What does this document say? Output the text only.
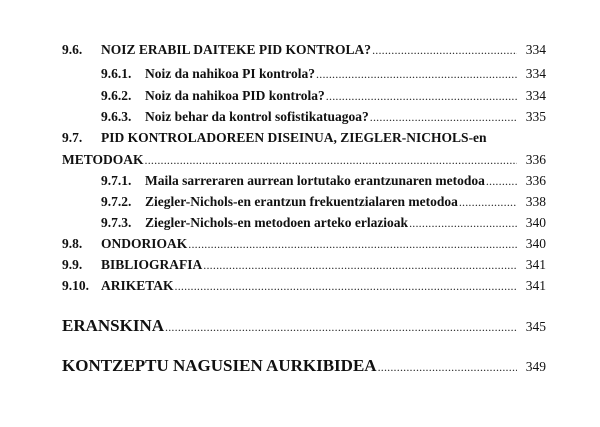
9.6.	NOIZ ERABIL DAITEKE PID KONTROLA? .....	334
9.6.1.	Noiz da nahikoa PI kontrola? .....	334
9.6.2.	Noiz da nahikoa PID kontrola? .....	334
9.6.3.	Noiz behar da kontrol sofistikatuagoa? .....	335
9.7.	PID KONTROLADOREEN DISEINUA, ZIEGLER-NICHOLS-en
METODOAK .....	336
9.7.1.	Maila sarreraren aurrean lortutako erantzunaren metodoa .....	336
9.7.2.	Ziegler-Nichols-en erantzun frekuentzialaren metodoa .....	338
9.7.3.	Ziegler-Nichols-en metodoen arteko erlazioak .....	340
9.8.	ONDORIOAK .....	340
9.9.	BIBLIOGRAFIA .....	341
9.10. ARIKETAK .....	341
ERANSKINA .....	345
KONTZEPTU NAGUSIEN AURKIBIDEA .....	349
